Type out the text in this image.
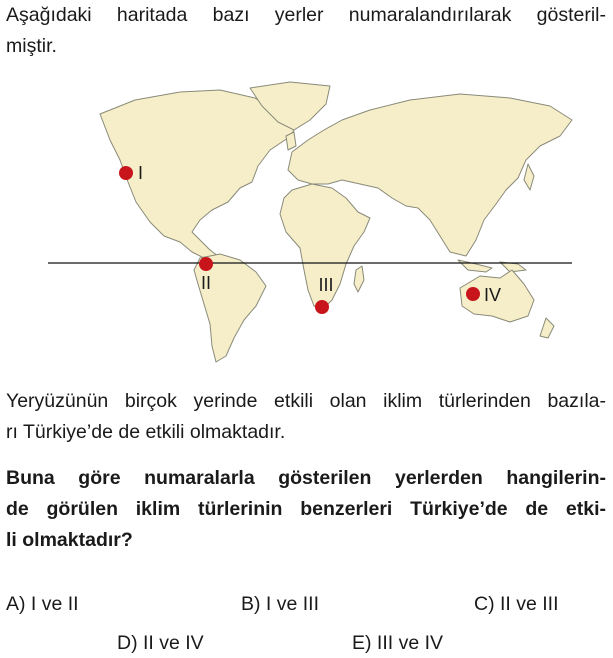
Aşağıdaki haritada bazı yerler numaralandırılarak gösteril-
miştir.
I
II	III	IV
Yeryüzünün birçok yerinde etkili olan iklim türlerinden bazıla-
rı Türkiye’de de etkili olmaktadır.
Buna göre numaralarla gösterilen yerlerden hangilerin-
de görülen iklim türlerinin benzerleri Türkiye’de de etki-
li olmaktadır?
A) I ve II	B) I ve III	C) II ve III
D) II ve IV	E) III ve IV
